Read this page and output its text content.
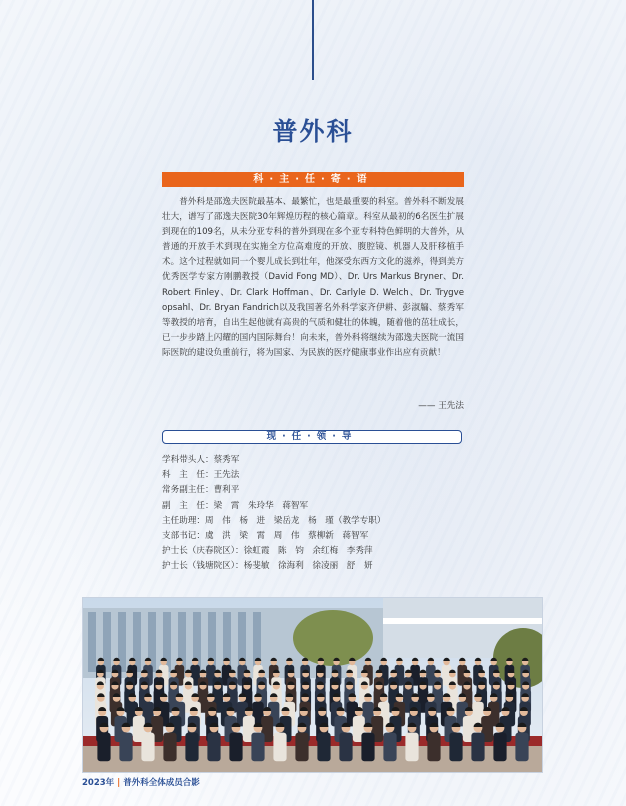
普外科
科·主·任·寄·语

普外科是邵逸夫医院最基本、最繁忙，也是最重要的科室。普外科不断发展壮大，谱写了邵逸夫医院30年辉煌历程的核心篇章。科室从最初的6名医生扩展到现在的109名，从未分亚专科的普外到现在多个亚专科特色鲜明的大普外，从普通的开放手术到现在实施全方位高难度的开放、腹腔镜、机器人及肝移植手术。这个过程就如同一个婴儿成长到壮年，他深受东西方文化的滋养，得到美方优秀医学专家方刚鹏教授（David Fong MD）、Dr. Urs Markus Bryner、Dr. Robert Finley、Dr. Clark Hoffman、Dr. Carlyle D. Welch、Dr. Trygve opsahl、Dr. Bryan Fandrich以及我国著名外科学家齐伊耕、彭淑牖、蔡秀军等教授的培育，自出生起他就有高贵的气质和健壮的体魄，随着他的茁壮成长，已一步步踏上闪耀的国内国际舞台！向未来，普外科将继续为邵逸夫医院一流国际医院的建设负重前行，将为国家、为民族的医疗健康事业作出应有贡献！

—— 王先法
现·任·领·导
学科带头人：蔡秀军
科　主　任：王先法
常务副主任：曹利平
副　主　任：梁　霄　朱玲华　蒋智军
主任助理：周　伟　杨　进　梁岳龙　杨　瑾（教学专职）
支部书记：虞　洪　梁　霄　周　伟　蔡柳新　蒋智军
护士长（庆春院区）：徐虹霞　陈　钧　余红梅　李秀萍
护士长（钱塘院区）：杨斐敏　徐海利　徐凌丽　舒　妍
2023年 | 普外科全体成员合影
